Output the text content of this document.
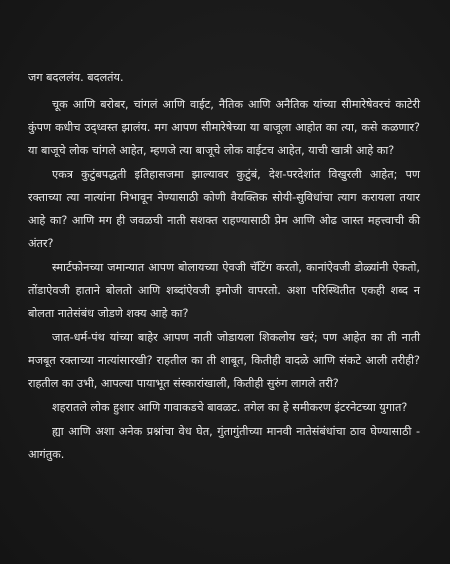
जग बदललंय. बदलतंय.

चूक आणि बरोबर, चांगलं आणि वाईट, नैतिक आणि अनैतिक यांच्या सीमारेषेवरचं काटेरी कुंपण कधीच उद्ध्वस्त झालंय. मग आपण सीमारेषेच्या या बाजूला आहोत का त्या, कसे कळणार? या बाजूचे लोक चांगले आहेत, म्हणजे त्या बाजूचे लोक वाईटच आहेत, याची खात्री आहे का?

एकत्र कुटुंबपद्धती इतिहासजमा झाल्यावर कुटुंबं, देश-परदेशांत विखुरली आहेत; पण रक्ताच्या त्या नात्यांना निभावून नेण्यासाठी कोणी वैयक्तिक सोयी-सुविधांचा त्याग करायला तयार आहे का? आणि मग ही जवळची नाती सशक्त राहण्यासाठी प्रेम आणि ओढ जास्त महत्त्वाची की अंतर?

स्मार्टफोनच्या जमान्यात आपण बोलायच्या ऐवजी चॅटिंग करतो, कानांऐवजी डोळ्यांनी ऐकतो, तोंडाऐवजी हाताने बोलतो आणि शब्दांऐवजी इमोजी वापरतो. अशा परिस्थितीत एकही शब्द न बोलता नातेसंबंध जोडणे शक्य आहे का?

जात-धर्म-पंथ यांच्या बाहेर आपण नाती जोडायला शिकलोय खरं; पण आहेत का ती नाती मजबूत रक्ताच्या नात्यांसारखी? राहतील का ती शाबूत, कितीही वादळे आणि संकटे आली तरीही? राहतील का उभी, आपल्या पायाभूत संस्कारांखाली, कितीही सुरुंग लागले तरी?

शहरातले लोक हुशार आणि गावाकडचे बावळट. तगेल का हे समीकरण इंटरनेटच्या युगात?

ह्या आणि अशा अनेक प्रश्नांचा वेध घेत, गुंतागुंतीच्या मानवी नातेसंबंधांचा ठाव घेण्यासाठी - आगंतुक.
